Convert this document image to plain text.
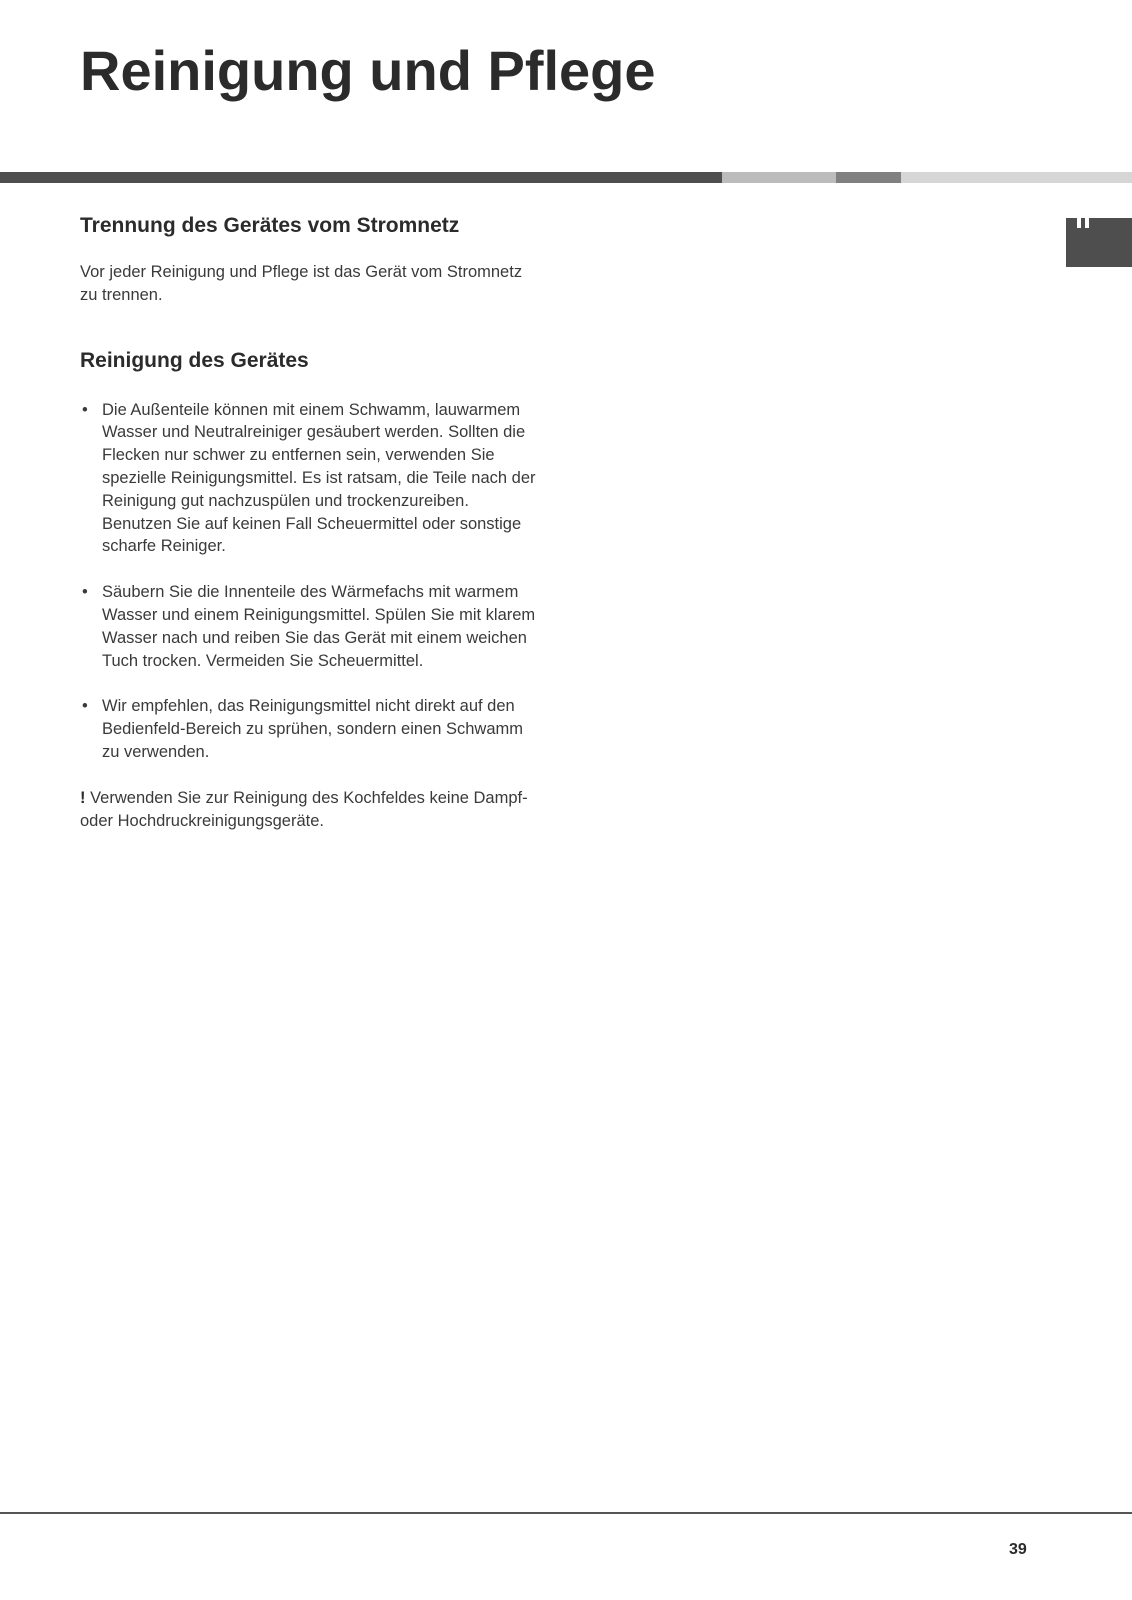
Reinigung und Pflege
Trennung des Gerätes vom Stromnetz

Vor jeder Reinigung und Pflege ist das Gerät vom Stromnetz zu trennen.

Reinigung des Gerätes
• Die Außenteile können mit einem Schwamm, lauwarmem Wasser und Neutralreiniger gesäubert werden. Sollten die Flecken nur schwer zu entfernen sein, verwenden Sie spezielle Reinigungsmittel. Es ist ratsam, die Teile nach der Reinigung gut nachzuspülen und trockenzureiben. Benutzen Sie auf keinen Fall Scheuermittel oder sonstige scharfe Reiniger.
• Säubern Sie die Innenteile des Wärmefachs mit warmem Wasser und einem Reinigungsmittel. Spülen Sie mit klarem Wasser nach und reiben Sie das Gerät mit einem weichen Tuch trocken. Vermeiden Sie Scheuermittel.
• Wir empfehlen, das Reinigungsmittel nicht direkt auf den Bedienfeld-Bereich zu sprühen, sondern einen Schwamm zu verwenden.

! Verwenden Sie zur Reinigung des Kochfeldes keine Dampf- oder Hochdruckreinigungsgeräte.

39
